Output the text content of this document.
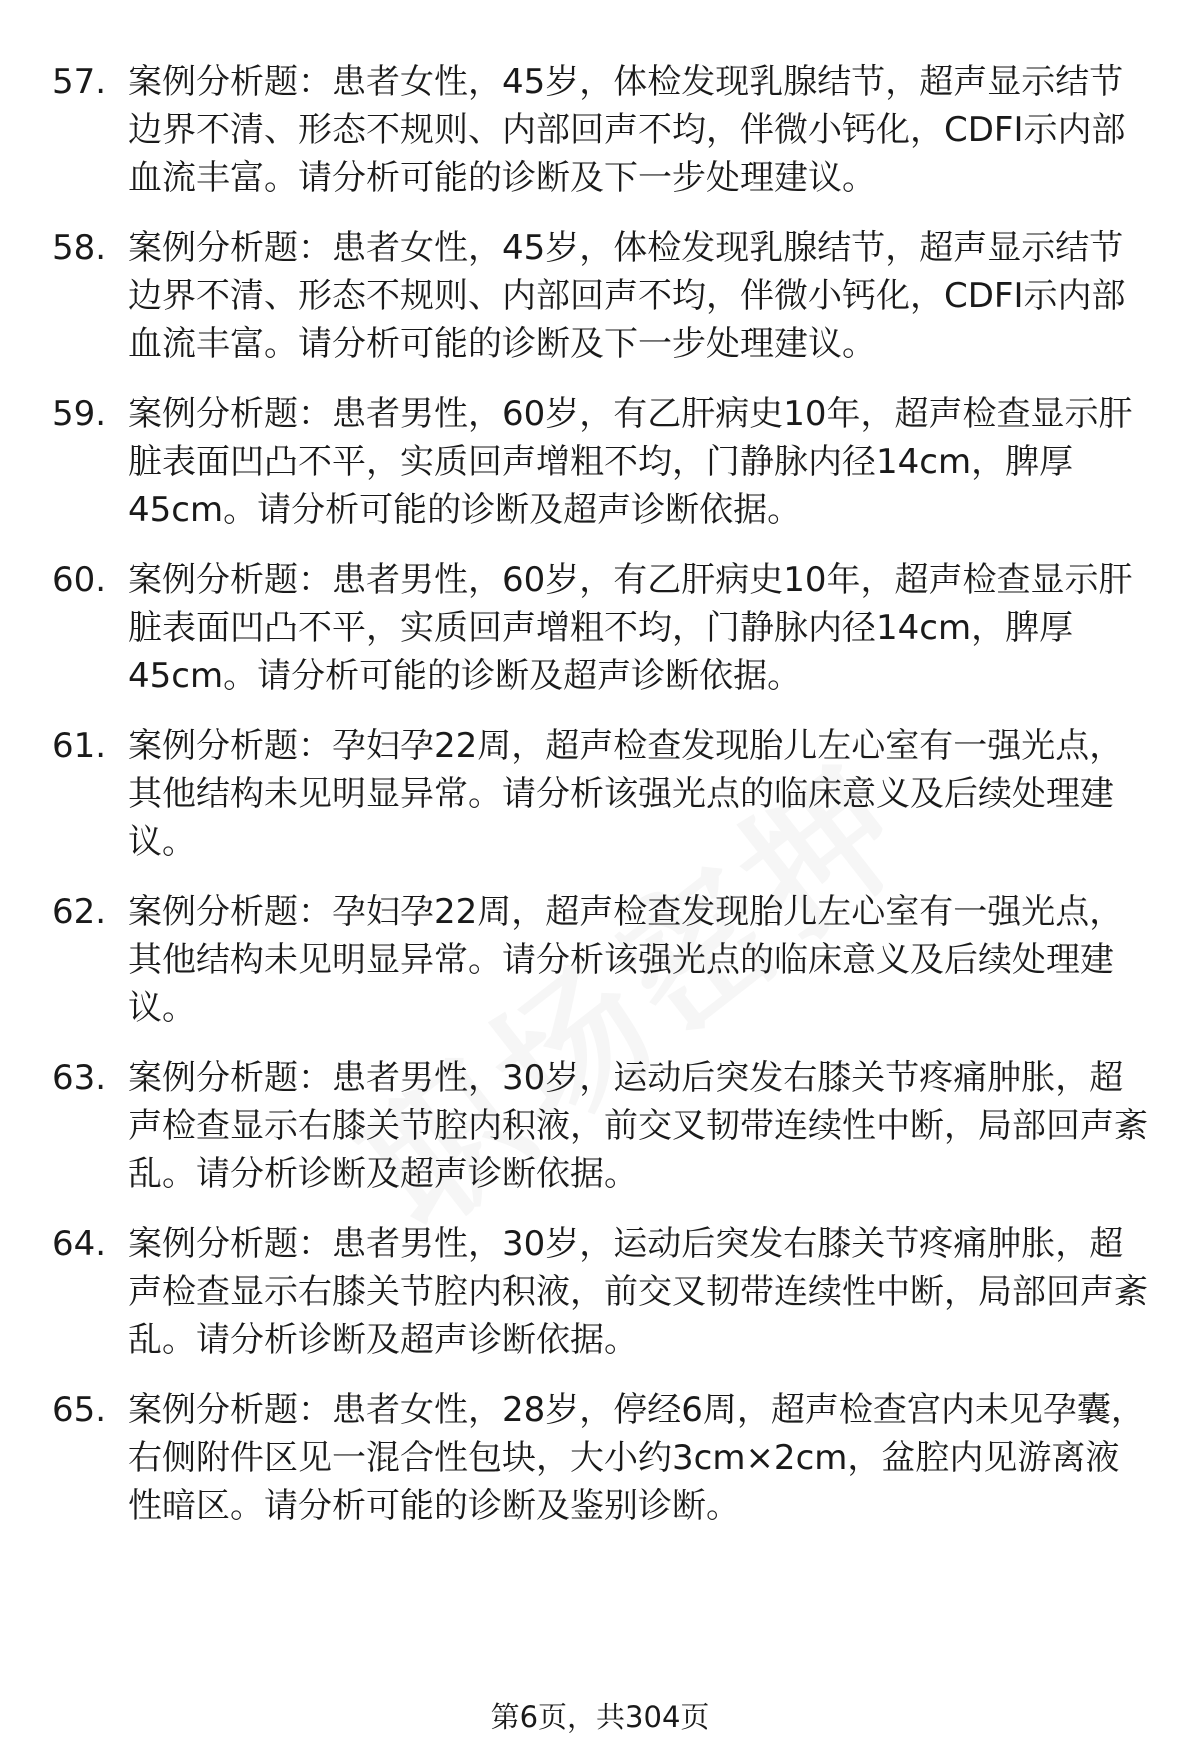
57. 案例分析题：患者女性，45岁，体检发现乳腺结节，超声显示结节边界不清、形态不规则、内部回声不均，伴微小钙化，CDFI示内部血流丰富。请分析可能的诊断及下一步处理建议。
58. 案例分析题：患者女性，45岁，体检发现乳腺结节，超声显示结节边界不清、形态不规则、内部回声不均，伴微小钙化，CDFI示内部血流丰富。请分析可能的诊断及下一步处理建议。
59. 案例分析题：患者男性，60岁，有乙肝病史10年，超声检查显示肝脏表面凹凸不平，实质回声增粗不均，门静脉内径14cm，脾厚45cm。请分析可能的诊断及超声诊断依据。
60. 案例分析题：患者男性，60岁，有乙肝病史10年，超声检查显示肝脏表面凹凸不平，实质回声增粗不均，门静脉内径14cm，脾厚45cm。请分析可能的诊断及超声诊断依据。
61. 案例分析题：孕妇孕22周，超声检查发现胎儿左心室有一强光点，其他结构未见明显异常。请分析该强光点的临床意义及后续处理建议。
62. 案例分析题：孕妇孕22周，超声检查发现胎儿左心室有一强光点，其他结构未见明显异常。请分析该强光点的临床意义及后续处理建议。
63. 案例分析题：患者男性，30岁，运动后突发右膝关节疼痛肿胀，超声检查显示右膝关节腔内积液，前交叉韧带连续性中断，局部回声紊乱。请分析诊断及超声诊断依据。
64. 案例分析题：患者男性，30岁，运动后突发右膝关节疼痛肿胀，超声检查显示右膝关节腔内积液，前交叉韧带连续性中断，局部回声紊乱。请分析诊断及超声诊断依据。
65. 案例分析题：患者女性，28岁，停经6周，超声检查宫内未见孕囊，右侧附件区见一混合性包块，大小约3cm×2cm，盆腔内见游离液性暗区。请分析可能的诊断及鉴别诊断。
第6页，共304页
